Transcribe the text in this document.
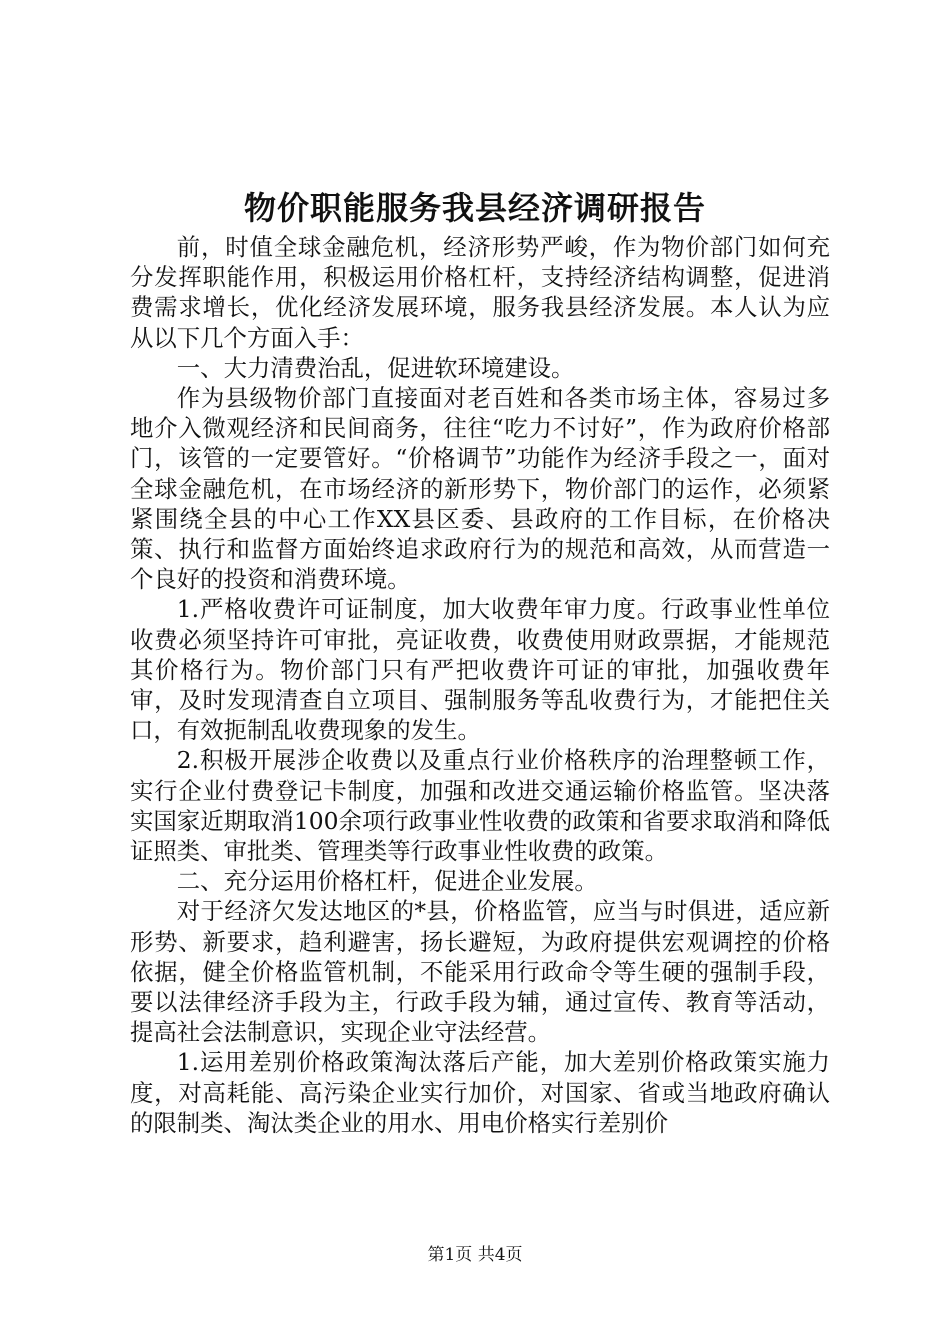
物价职能服务我县经济调研报告

前，时值全球金融危机，经济形势严峻，作为物价部门如何充分发挥职能作用，积极运用价格杠杆，支持经济结构调整，促进消费需求增长，优化经济发展环境，服务我县经济发展。本人认为应从以下几个方面入手：

一、大力清费治乱，促进软环境建设。

作为县级物价部门直接面对老百姓和各类市场主体，容易过多地介入微观经济和民间商务，往往“吃力不讨好”，作为政府价格部门，该管的一定要管好。“价格调节”功能作为经济手段之一，面对全球金融危机，在市场经济的新形势下，物价部门的运作，必须紧紧围绕全县的中心工作XX县区委、县政府的工作目标，在价格决策、执行和监督方面始终追求政府行为的规范和高效，从而营造一个良好的投资和消费环境。

1.严格收费许可证制度，加大收费年审力度。行政事业性单位收费必须坚持许可审批，亮证收费，收费使用财政票据，才能规范其价格行为。物价部门只有严把收费许可证的审批，加强收费年审，及时发现清查自立项目、强制服务等乱收费行为，才能把住关口，有效扼制乱收费现象的发生。

2.积极开展涉企收费以及重点行业价格秩序的治理整顿工作，实行企业付费登记卡制度，加强和改进交通运输价格监管。坚决落实国家近期取消100余项行政事业性收费的政策和省要求取消和降低证照类、审批类、管理类等行政事业性收费的政策。

二、充分运用价格杠杆，促进企业发展。

对于经济欠发达地区的*县，价格监管，应当与时俱进，适应新形势、新要求，趋利避害，扬长避短，为政府提供宏观调控的价格依据，健全价格监管机制，不能采用行政命令等生硬的强制手段，要以法律经济手段为主，行政手段为辅，通过宣传、教育等活动，提高社会法制意识，实现企业守法经营。

1.运用差别价格政策淘汰落后产能，加大差别价格政策实施力度，对高耗能、高污染企业实行加价，对国家、省或当地政府确认的限制类、淘汰类企业的用水、用电价格实行差别价

第1页 共4页
